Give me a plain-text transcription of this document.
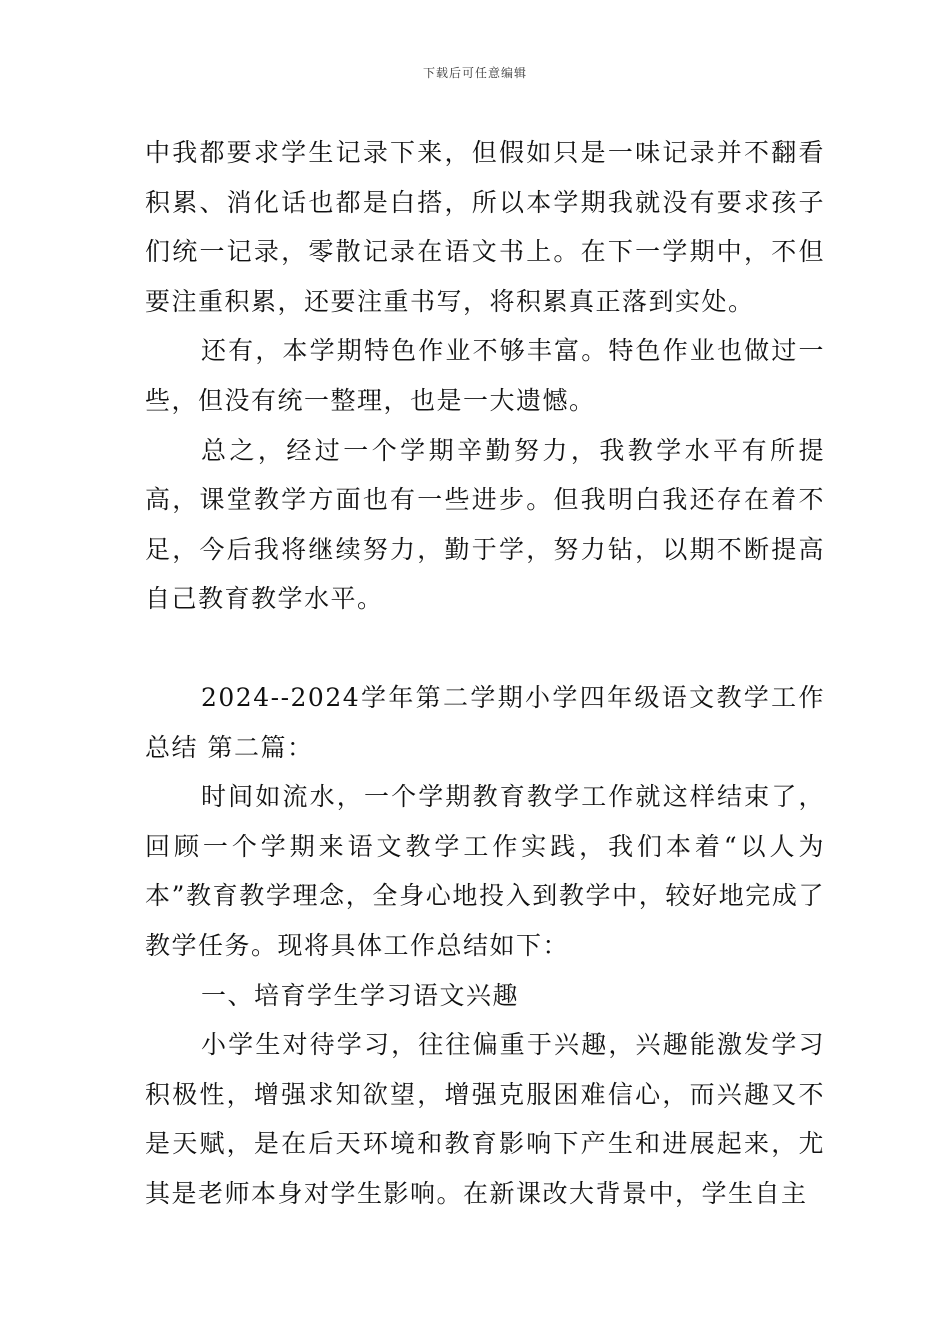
下载后可任意编辑

中我都要求学生记录下来，但假如只是一味记录并不翻看积累、消化话也都是白搭，所以本学期我就没有要求孩子们统一记录，零散记录在语文书上。在下一学期中，不但要注重积累，还要注重书写，将积累真正落到实处。

还有，本学期特色作业不够丰富。特色作业也做过一些，但没有统一整理，也是一大遗憾。

总之，经过一个学期辛勤努力，我教学水平有所提高，课堂教学方面也有一些进步。但我明白我还存在着不足，今后我将继续努力，勤于学，努力钻，以期不断提高自己教育教学水平。

2024--2024学年第二学期小学四年级语文教学工作总结 第二篇：

时间如流水，一个学期教育教学工作就这样结束了，回顾一个学期来语文教学工作实践，我们本着“以人为本”教育教学理念，全身心地投入到教学中，较好地完成了教学任务。现将具体工作总结如下：

一、培育学生学习语文兴趣

小学生对待学习，往往偏重于兴趣，兴趣能激发学习积极性，增强求知欲望，增强克服困难信心，而兴趣又不是天赋，是在后天环境和教育影响下产生和进展起来，尤其是老师本身对学生影响。在新课改大背景中，学生自主
